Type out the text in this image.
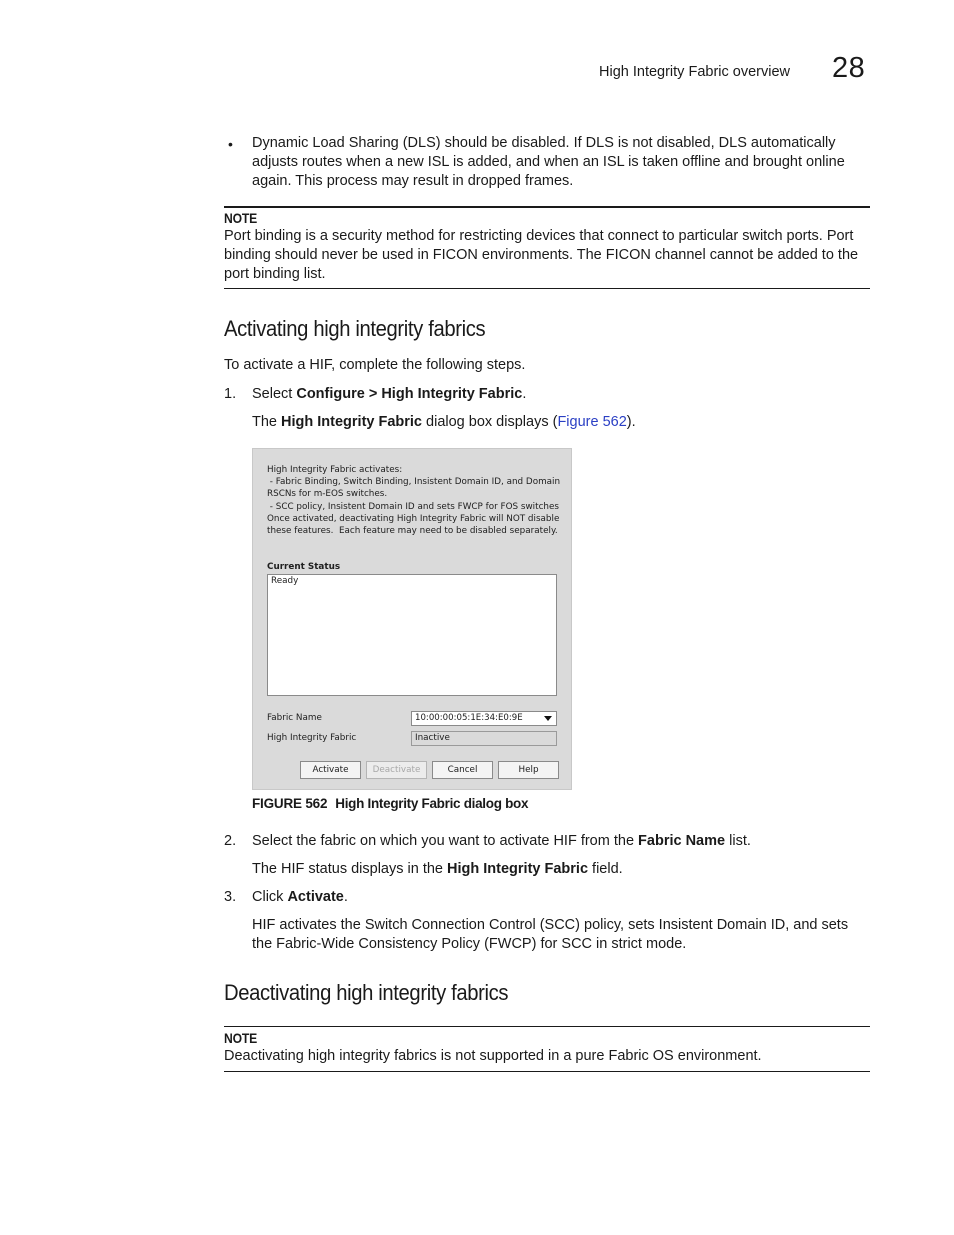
High Integrity Fabric overview 28
• Dynamic Load Sharing (DLS) should be disabled. If DLS is not disabled, DLS automatically adjusts routes when a new ISL is added, and when an ISL is taken offline and brought online again. This process may result in dropped frames.
NOTE
Port binding is a security method for restricting devices that connect to particular switch ports. Port binding should never be used in FICON environments. The FICON channel cannot be added to the port binding list.
Activating high integrity fabrics
To activate a HIF, complete the following steps.
1. Select Configure > High Integrity Fabric.
The High Integrity Fabric dialog box displays (Figure 562).
High Integrity Fabric activates:
- Fabric Binding, Switch Binding, Insistent Domain ID, and Domain
RSCNs for m-EOS switches.
- SCC policy, Insistent Domain ID and sets FWCP for FOS switches
Once activated, deactivating High Integrity Fabric will NOT disable
these features.  Each feature may need to be disabled separately.
Current Status
Ready
Fabric Name	10:00:00:05:1E:34:E0:9E
High Integrity Fabric	Inactive
Activate	Deactivate	Cancel	Help
FIGURE 562 High Integrity Fabric dialog box
2. Select the fabric on which you want to activate HIF from the Fabric Name list.
The HIF status displays in the High Integrity Fabric field.
3. Click Activate.
HIF activates the Switch Connection Control (SCC) policy, sets Insistent Domain ID, and sets the Fabric-Wide Consistency Policy (FWCP) for SCC in strict mode.
Deactivating high integrity fabrics
NOTE
Deactivating high integrity fabrics is not supported in a pure Fabric OS environment.
